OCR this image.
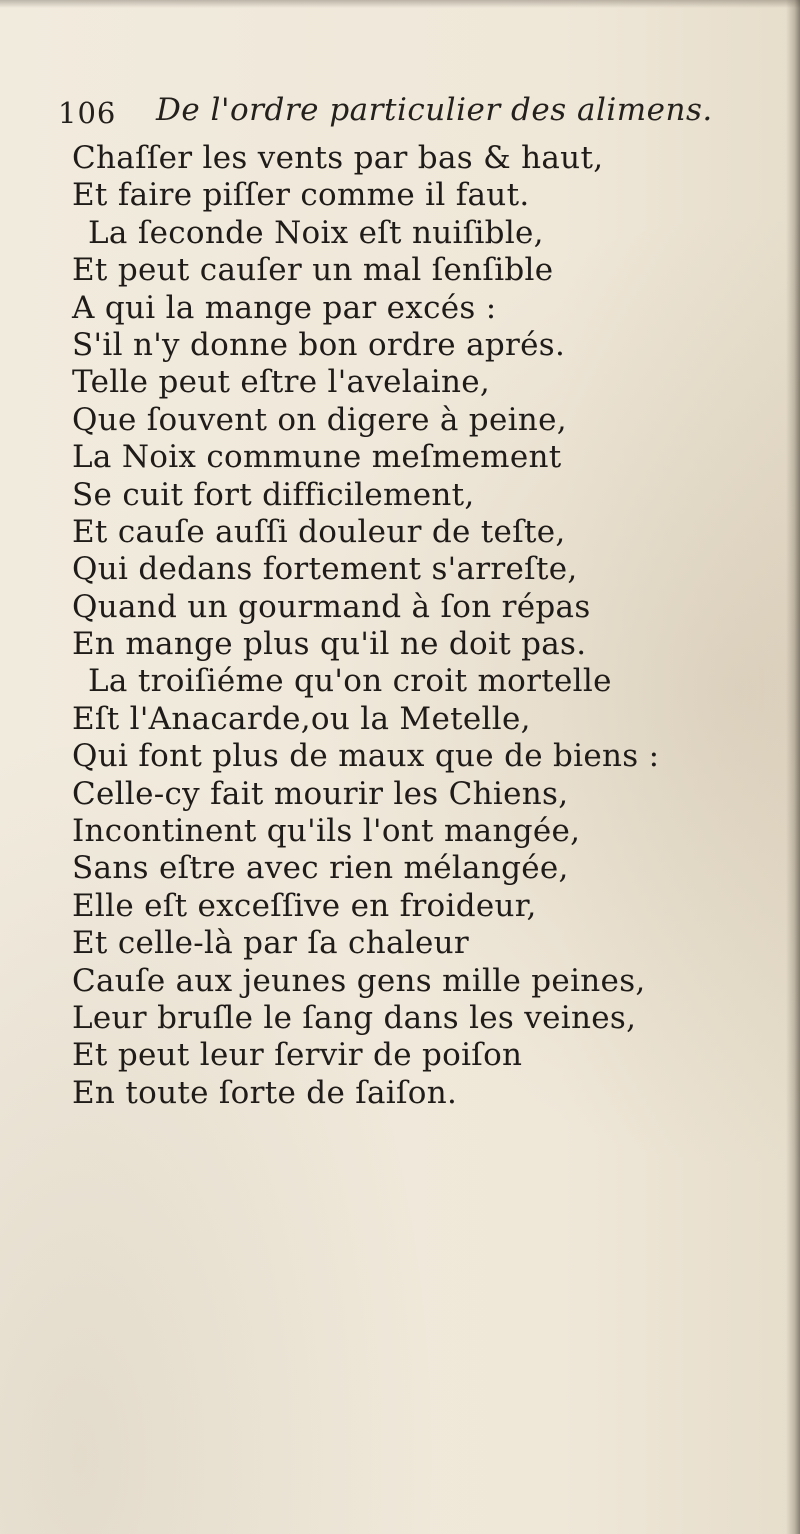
106 De l'ordre particulier des alimens.
Chaſſer les vents par bas & haut,
Et faire piſſer comme il faut.
La ſeconde Noix eſt nuiſible,
Et peut cauſer un mal ſenſible
A qui la mange par excés :
S'il n'y donne bon ordre aprés.
Telle peut eſtre l'avelaine,
Que ſouvent on digere à peine,
La Noix commune meſmement
Se cuit fort difficilement,
Et cauſe auſſi douleur de teſte,
Qui dedans fortement s'arreſte,
Quand un gourmand à ſon répas
En mange plus qu'il ne doit pas.
La troiſiéme qu'on croit mortelle
Eſt l'Anacarde,ou la Metelle,
Qui font plus de maux que de biens :
Celle-cy fait mourir les Chiens,
Incontinent qu'ils l'ont mangée,
Sans eſtre avec rien mélangée,
Elle eſt exceſſive en froideur,
Et celle-là par ſa chaleur
Cauſe aux jeunes gens mille peines,
Leur bruſle le ſang dans les veines,
Et peut leur ſervir de poiſon
En toute ſorte de ſaiſon.
